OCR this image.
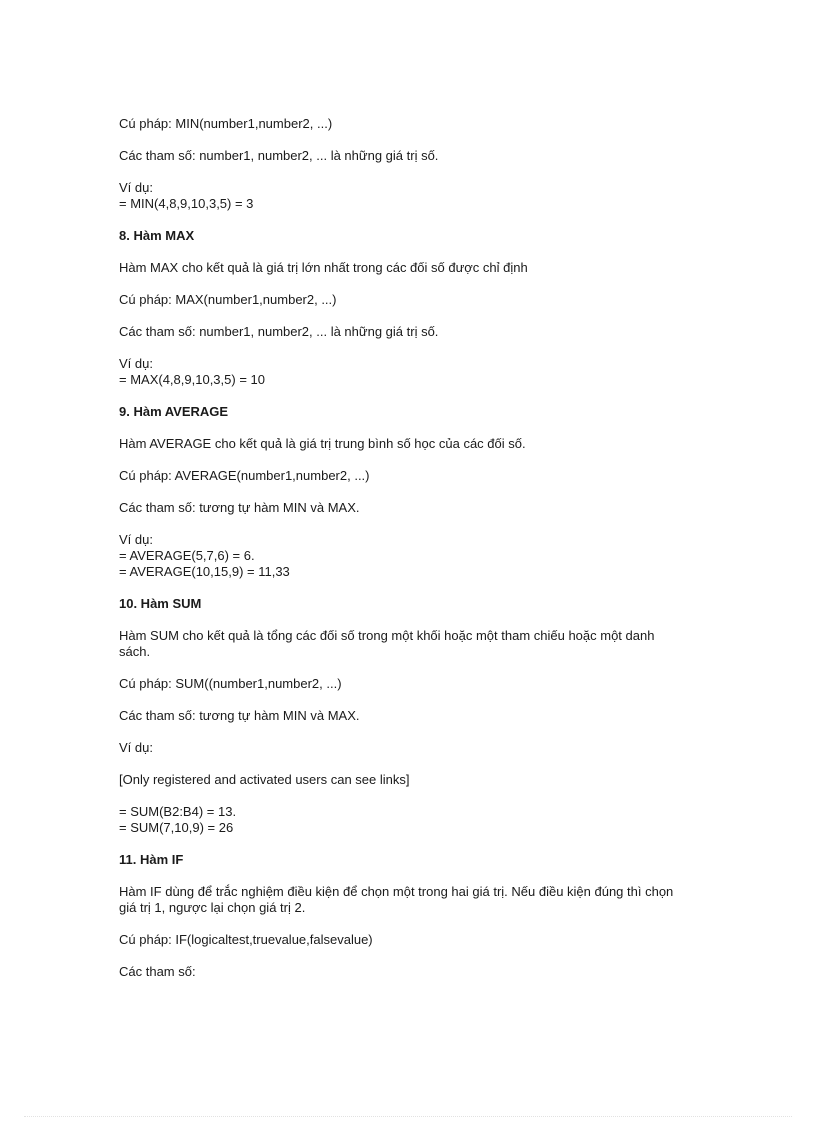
Cú pháp: MIN(number1,number2, ...)
Các tham số: number1, number2, ... là những giá trị số.
Ví dụ:
= MIN(4,8,9,10,3,5) = 3
8. Hàm MAX
Hàm MAX cho kết quả là giá trị lớn nhất trong các đối số được chỉ định
Cú pháp: MAX(number1,number2, ...)
Các tham số: number1, number2, ... là những giá trị số.
Ví dụ:
= MAX(4,8,9,10,3,5) = 10
9. Hàm AVERAGE
Hàm AVERAGE cho kết quả là giá trị trung bình số học của các đối số.
Cú pháp: AVERAGE(number1,number2, ...)
Các tham số: tương tự hàm MIN và MAX.
Ví dụ:
= AVERAGE(5,7,6) = 6.
= AVERAGE(10,15,9) = 11,33
10. Hàm SUM
Hàm SUM cho kết quả là tổng các đối số trong một khối hoặc một tham chiếu hoặc một danh
sách.
Cú pháp: SUM((number1,number2, ...)
Các tham số: tương tự hàm MIN và MAX.
Ví dụ:
[Only registered and activated users can see links]
= SUM(B2:B4) = 13.
= SUM(7,10,9) = 26
11. Hàm IF
Hàm IF dùng để trắc nghiệm điều kiện để chọn một trong hai giá trị. Nếu điều kiện đúng thì chọn
giá trị 1, ngược lại chọn giá trị 2.
Cú pháp: IF(logicaltest,truevalue,falsevalue)
Các tham số:
